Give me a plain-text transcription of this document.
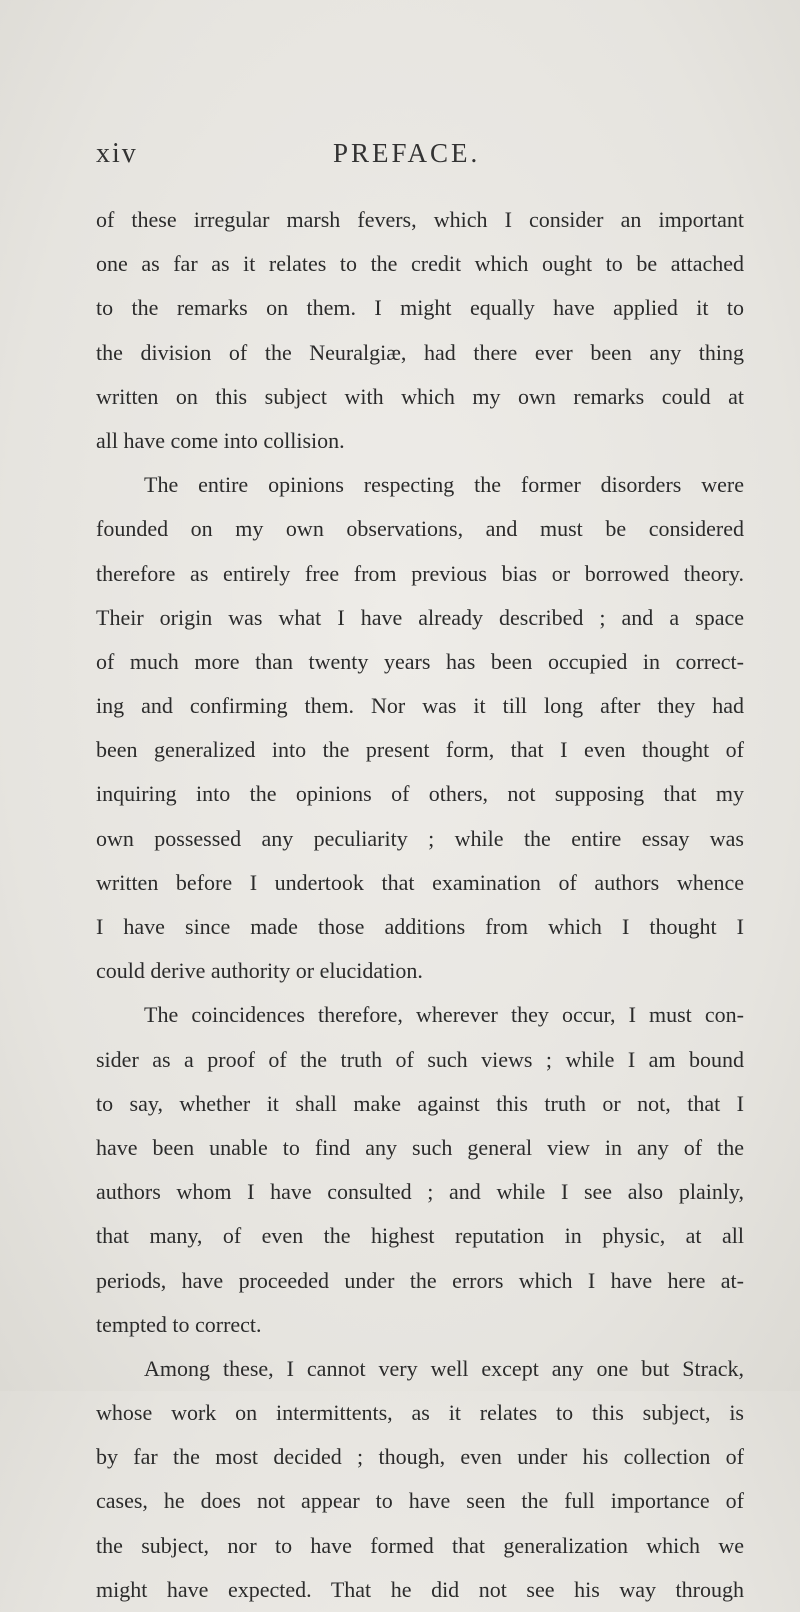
xiv	PREFACE.
of these irregular marsh fevers, which I consider an important
one as far as it relates to the credit which ought to be attached
to the remarks on them. I might equally have applied it to
the division of the Neuralgiæ, had there ever been any thing
written on this subject with which my own remarks could at
all have come into collision.
The entire opinions respecting the former disorders were
founded on my own observations, and must be considered
therefore as entirely free from previous bias or borrowed theory.
Their origin was what I have already described ; and a space
of much more than twenty years has been occupied in correct-
ing and confirming them. Nor was it till long after they had
been generalized into the present form, that I even thought of
inquiring into the opinions of others, not supposing that my
own possessed any peculiarity ; while the entire essay was
written before I undertook that examination of authors whence
I have since made those additions from which I thought I
could derive authority or elucidation.
The coincidences therefore, wherever they occur, I must con-
sider as a proof of the truth of such views ; while I am bound
to say, whether it shall make against this truth or not, that I
have been unable to find any such general view in any of the
authors whom I have consulted ; and while I see also plainly,
that many, of even the highest reputation in physic, at all
periods, have proceeded under the errors which I have here at-
tempted to correct.
Among these, I cannot very well except any one but Strack,
whose work on intermittents, as it relates to this subject, is
by far the most decided ; though, even under his collection of
cases, he does not appear to have seen the full importance of
the subject, nor to have formed that generalization which we
might have expected. That he did not see his way through
